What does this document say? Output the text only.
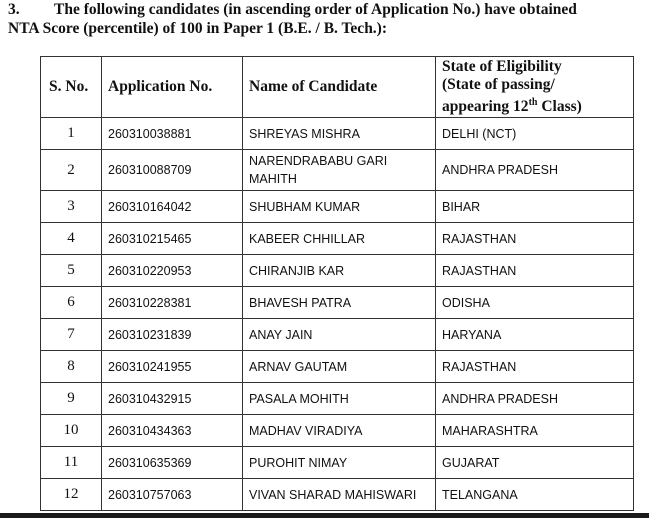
3. The following candidates (in ascending order of Application No.) have obtained
NTA Score (percentile) of 100 in Paper 1 (B.E. / B. Tech.):
S. No.	Application No.	Name of Candidate	State of Eligibility
(State of passing/
appearing 12th Class)

1	260310038881	SHREYAS MISHRA	DELHI (NCT)
2	260310088709	NARENDRABABU GARI MAHITH	ANDHRA PRADESH
3	260310164042	SHUBHAM KUMAR	BIHAR
4	260310215465	KABEER CHHILLAR	RAJASTHAN
5	260310220953	CHIRANJIB KAR	RAJASTHAN
6	260310228381	BHAVESH PATRA	ODISHA
7	260310231839	ANAY JAIN	HARYANA
8	260310241955	ARNAV GAUTAM	RAJASTHAN
9	260310432915	PASALA MOHITH	ANDHRA PRADESH
10	260310434363	MADHAV VIRADIYA	MAHARASHTRA
11	260310635369	PUROHIT NIMAY	GUJARAT
12	260310757063	VIVAN SHARAD MAHISWARI	TELANGANA
